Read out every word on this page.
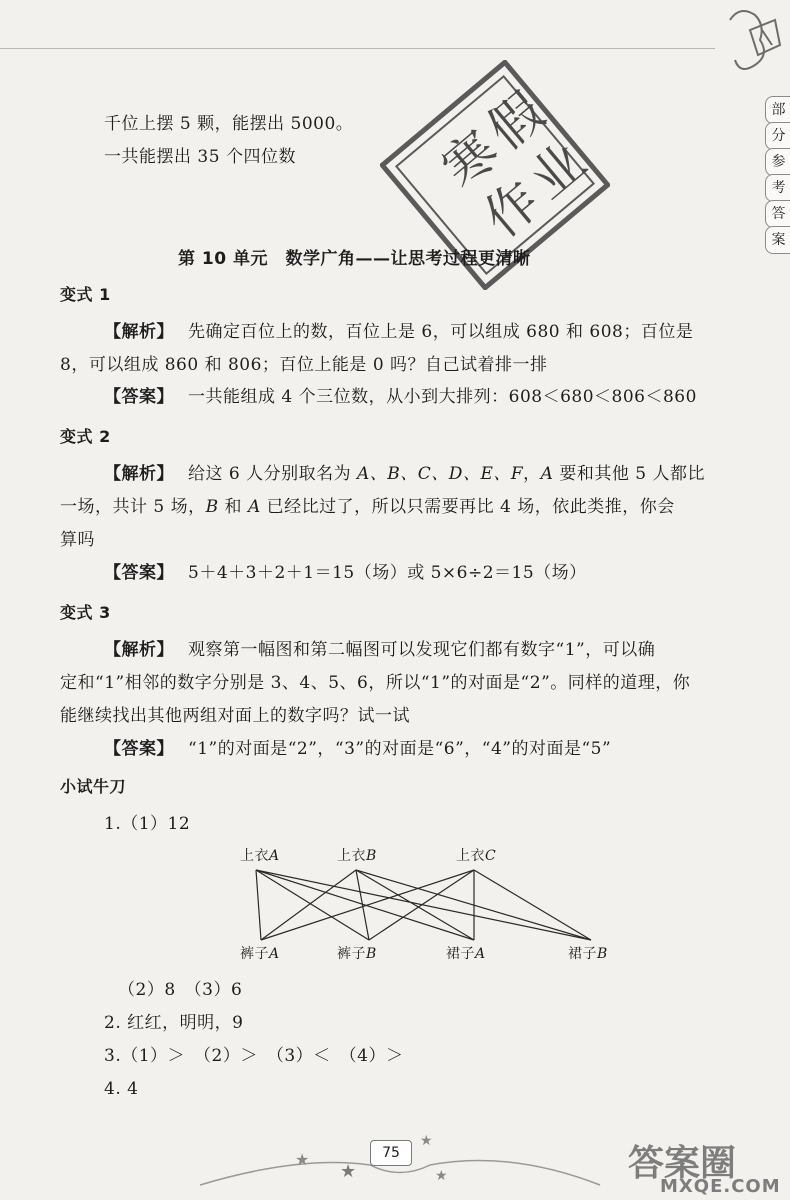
部
分
参
考
答
案
寒
假
作
业
千位上摆 5 颗，能摆出 5000。
一共能摆出 35 个四位数
第 10 单元　数学广角——让思考过程更清晰
变式 1
【解析】 先确定百位上的数，百位上是 6，可以组成 680 和 608；百位是
8，可以组成 860 和 806；百位上能是 0 吗？自己试着排一排
【答案】 一共能组成 4 个三位数，从小到大排列：608＜680＜806＜860
变式 2
【解析】 给这 6 人分别取名为 A、B、C、D、E、F，A 要和其他 5 人都比
一场，共计 5 场，B 和 A 已经比过了，所以只需要再比 4 场，依此类推，你会
算吗
【答案】 5＋4＋3＋2＋1＝15（场）或 5×6÷2＝15（场）
变式 3
【解析】 观察第一幅图和第二幅图可以发现它们都有数字“1”，可以确
定和“1”相邻的数字分别是 3、4、5、6，所以“1”的对面是“2”。同样的道理，你
能继续找出其他两组对面上的数字吗？试一试
【答案】 “1”的对面是“2”，“3”的对面是“6”，“4”的对面是“5”
小试牛刀
1.（1）12
上衣A	上衣B	上衣C
裤子A	裤子B	裙子A	裙子B
（2）8　（3）6
2. 红红，明明，9
3.（1）＞　（2）＞　（3）＜　（4）＞
4. 4
★
★
★
★
75	答案圈
MXQE.COM
